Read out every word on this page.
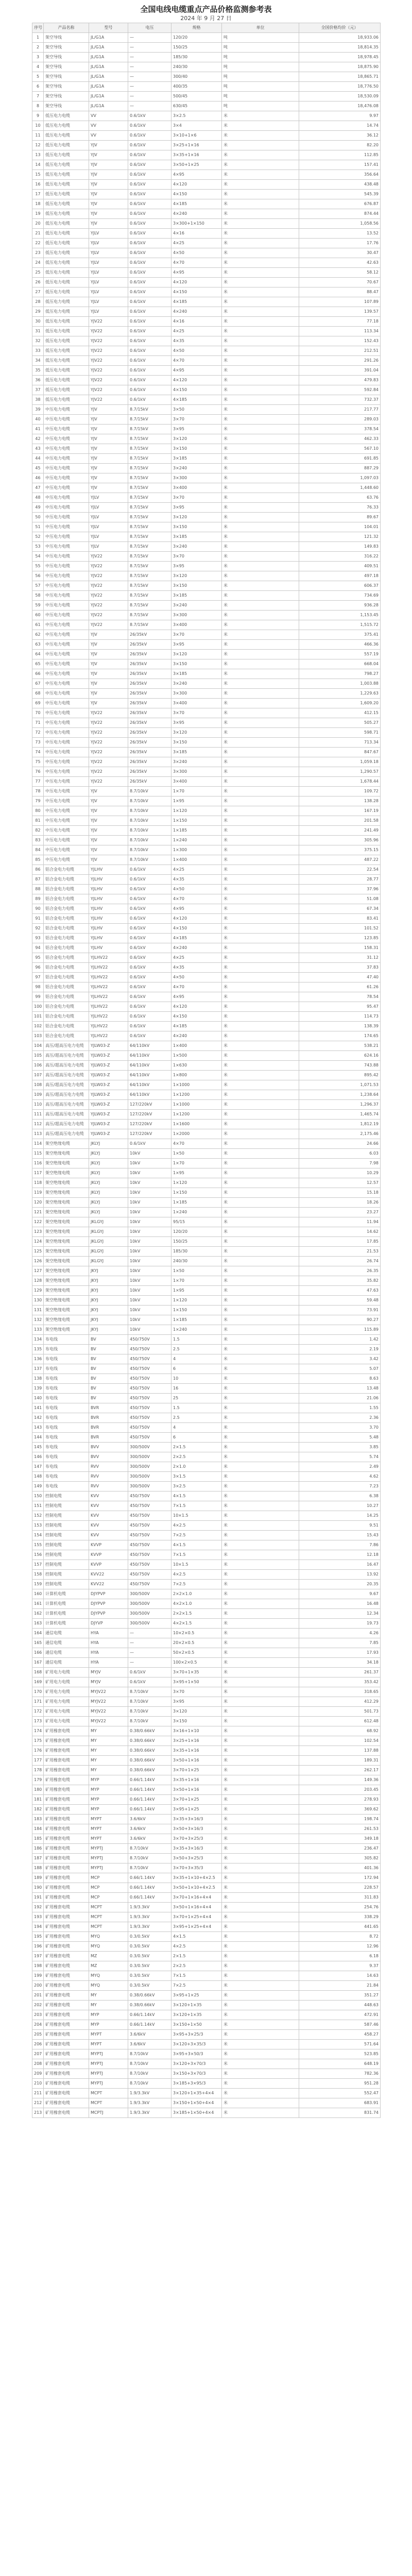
全国电线电缆重点产品价格监测参考表
2024 年 9 月 27 日
序号	产品名称	型号	电压	规格	单位	全国价格均价（元）
1	架空导线	JL/G1A	—	120/20	吨	18,933.06
2	架空导线	JL/G1A	—	150/25	吨	18,814.35
3	架空导线	JL/G1A	—	185/30	吨	18,978.45
4	架空导线	JL/G1A	—	240/30	吨	18,875.90
5	架空导线	JL/G1A	—	300/40	吨	18,865.71
6	架空导线	JL/G1A	—	400/35	吨	18,776.50
7	架空导线	JL/G1A	—	500/45	吨	18,530.09
8	架空导线	JL/G1A	—	630/45	吨	18,476.08
9	低压电力电缆	VV	0.6/1kV	3×2.5	米	9.97
10	低压电力电缆	VV	0.6/1kV	3×4	米	14.74
11	低压电力电缆	VV	0.6/1kV	3×10+1×6	米	36.12
12	低压电力电缆	YJV	0.6/1kV	3×25+1×16	米	82.20
13	低压电力电缆	YJV	0.6/1kV	3×35+1×16	米	112.85
14	低压电力电缆	YJV	0.6/1kV	3×50+1×25	米	157.41
15	低压电力电缆	YJV	0.6/1kV	4×95	米	356.64
16	低压电力电缆	YJV	0.6/1kV	4×120	米	438.48
17	低压电力电缆	YJV	0.6/1kV	4×150	米	545.39
18	低压电力电缆	YJV	0.6/1kV	4×185	米	676.87
19	低压电力电缆	YJV	0.6/1kV	4×240	米	874.44
20	低压电力电缆	YJV	0.6/1kV	3×300+1×150	米	1,058.56
21	低压电力电缆	YJLV	0.6/1kV	4×16	米	13.52
22	低压电力电缆	YJLV	0.6/1kV	4×25	米	17.76
23	低压电力电缆	YJLV	0.6/1kV	4×50	米	30.47
24	低压电力电缆	YJLV	0.6/1kV	4×70	米	42.63
25	低压电力电缆	YJLV	0.6/1kV	4×95	米	58.12
26	低压电力电缆	YJLV	0.6/1kV	4×120	米	70.67
27	低压电力电缆	YJLV	0.6/1kV	4×150	米	88.47
28	低压电力电缆	YJLV	0.6/1kV	4×185	米	107.89
29	低压电力电缆	YJLV	0.6/1kV	4×240	米	139.57
30	低压电力电缆	YJV22	0.6/1kV	4×16	米	77.18
31	低压电力电缆	YJV22	0.6/1kV	4×25	米	113.34
32	低压电力电缆	YJV22	0.6/1kV	4×35	米	152.43
33	低压电力电缆	YJV22	0.6/1kV	4×50	米	212.51
34	低压电力电缆	YJV22	0.6/1kV	4×70	米	291.26
35	低压电力电缆	YJV22	0.6/1kV	4×95	米	391.04
36	低压电力电缆	YJV22	0.6/1kV	4×120	米	479.83
37	低压电力电缆	YJV22	0.6/1kV	4×150	米	592.84
38	低压电力电缆	YJV22	0.6/1kV	4×185	米	732.37
39	中压电力电缆	YJV	8.7/15kV	3×50	米	217.77
40	中压电力电缆	YJV	8.7/15kV	3×70	米	289.03
41	中压电力电缆	YJV	8.7/15kV	3×95	米	378.54
42	中压电力电缆	YJV	8.7/15kV	3×120	米	462.33
43	中压电力电缆	YJV	8.7/15kV	3×150	米	567.10
44	中压电力电缆	YJV	8.7/15kV	3×185	米	691.85
45	中压电力电缆	YJV	8.7/15kV	3×240	米	887.29
46	中压电力电缆	YJV	8.7/15kV	3×300	米	1,097.03
47	中压电力电缆	YJV	8.7/15kV	3×400	米	1,448.60
48	中压电力电缆	YJLV	8.7/15kV	3×70	米	63.76
49	中压电力电缆	YJLV	8.7/15kV	3×95	米	76.33
50	中压电力电缆	YJLV	8.7/15kV	3×120	米	89.67
51	中压电力电缆	YJLV	8.7/15kV	3×150	米	104.01
52	中压电力电缆	YJLV	8.7/15kV	3×185	米	121.32
53	中压电力电缆	YJLV	8.7/15kV	3×240	米	149.83
54	中压电力电缆	YJV22	8.7/15kV	3×70	米	316.22
55	中压电力电缆	YJV22	8.7/15kV	3×95	米	409.51
56	中压电力电缆	YJV22	8.7/15kV	3×120	米	497.18
57	中压电力电缆	YJV22	8.7/15kV	3×150	米	606.37
58	中压电力电缆	YJV22	8.7/15kV	3×185	米	734.69
59	中压电力电缆	YJV22	8.7/15kV	3×240	米	936.28
60	中压电力电缆	YJV22	8.7/15kV	3×300	米	1,153.45
61	中压电力电缆	YJV22	8.7/15kV	3×400	米	1,515.72
62	中压电力电缆	YJV	26/35kV	3×70	米	375.41
63	中压电力电缆	YJV	26/35kV	3×95	米	466.36
64	中压电力电缆	YJV	26/35kV	3×120	米	557.19
65	中压电力电缆	YJV	26/35kV	3×150	米	668.04
66	中压电力电缆	YJV	26/35kV	3×185	米	798.27
67	中压电力电缆	YJV	26/35kV	3×240	米	1,003.88
68	中压电力电缆	YJV	26/35kV	3×300	米	1,229.63
69	中压电力电缆	YJV	26/35kV	3×400	米	1,609.20
70	中压电力电缆	YJV22	26/35kV	3×70	米	412.15
71	中压电力电缆	YJV22	26/35kV	3×95	米	505.27
72	中压电力电缆	YJV22	26/35kV	3×120	米	598.71
73	中压电力电缆	YJV22	26/35kV	3×150	米	713.34
74	中压电力电缆	YJV22	26/35kV	3×185	米	847.67
75	中压电力电缆	YJV22	26/35kV	3×240	米	1,059.18
76	中压电力电缆	YJV22	26/35kV	3×300	米	1,290.57
77	中压电力电缆	YJV22	26/35kV	3×400	米	1,678.44
78	中压电力电缆	YJV	8.7/10kV	1×70	米	109.72
79	中压电力电缆	YJV	8.7/10kV	1×95	米	138.28
80	中压电力电缆	YJV	8.7/10kV	1×120	米	167.19
81	中压电力电缆	YJV	8.7/10kV	1×150	米	201.58
82	中压电力电缆	YJV	8.7/10kV	1×185	米	241.49
83	中压电力电缆	YJV	8.7/10kV	1×240	米	305.96
84	中压电力电缆	YJV	8.7/10kV	1×300	米	375.15
85	中压电力电缆	YJV	8.7/10kV	1×400	米	487.22
86	铝合金电力电缆	YJLHV	0.6/1kV	4×25	米	22.54
87	铝合金电力电缆	YJLHV	0.6/1kV	4×35	米	28.77
88	铝合金电力电缆	YJLHV	0.6/1kV	4×50	米	37.96
89	铝合金电力电缆	YJLHV	0.6/1kV	4×70	米	51.08
90	铝合金电力电缆	YJLHV	0.6/1kV	4×95	米	67.34
91	铝合金电力电缆	YJLHV	0.6/1kV	4×120	米	83.41
92	铝合金电力电缆	YJLHV	0.6/1kV	4×150	米	101.52
93	铝合金电力电缆	YJLHV	0.6/1kV	4×185	米	123.85
94	铝合金电力电缆	YJLHV	0.6/1kV	4×240	米	158.31
95	铝合金电力电缆	YJLHV22	0.6/1kV	4×25	米	31.12
96	铝合金电力电缆	YJLHV22	0.6/1kV	4×35	米	37.83
97	铝合金电力电缆	YJLHV22	0.6/1kV	4×50	米	47.40
98	铝合金电力电缆	YJLHV22	0.6/1kV	4×70	米	61.26
99	铝合金电力电缆	YJLHV22	0.6/1kV	4×95	米	78.54
100	铝合金电力电缆	YJLHV22	0.6/1kV	4×120	米	95.47
101	铝合金电力电缆	YJLHV22	0.6/1kV	4×150	米	114.73
102	铝合金电力电缆	YJLHV22	0.6/1kV	4×185	米	138.39
103	铝合金电力电缆	YJLHV22	0.6/1kV	4×240	米	174.65
104	高压/超高压电力电缆	YJLW03-Z	64/110kV	1×400	米	538.21
105	高压/超高压电力电缆	YJLW03-Z	64/110kV	1×500	米	624.16
106	高压/超高压电力电缆	YJLW03-Z	64/110kV	1×630	米	743.88
107	高压/超高压电力电缆	YJLW03-Z	64/110kV	1×800	米	895.42
108	高压/超高压电力电缆	YJLW03-Z	64/110kV	1×1000	米	1,071.53
109	高压/超高压电力电缆	YJLW03-Z	64/110kV	1×1200	米	1,238.64
110	高压/超高压电力电缆	YJLW03-Z	127/220kV	1×1000	米	1,296.37
111	高压/超高压电力电缆	YJLW03-Z	127/220kV	1×1200	米	1,465.74
112	高压/超高压电力电缆	YJLW03-Z	127/220kV	1×1600	米	1,812.19
113	高压/超高压电力电缆	YJLW03-Z	127/220kV	1×2000	米	2,175.46
114	架空绝缘电缆	JKLYJ	0.6/1kV	4×70	米	24.66
115	架空绝缘电缆	JKLYJ	10kV	1×50	米	6.03
116	架空绝缘电缆	JKLYJ	10kV	1×70	米	7.98
117	架空绝缘电缆	JKLYJ	10kV	1×95	米	10.29
118	架空绝缘电缆	JKLYJ	10kV	1×120	米	12.57
119	架空绝缘电缆	JKLYJ	10kV	1×150	米	15.18
120	架空绝缘电缆	JKLYJ	10kV	1×185	米	18.26
121	架空绝缘电缆	JKLYJ	10kV	1×240	米	23.27
122	架空绝缘电缆	JKLGYJ	10kV	95/15	米	11.94
123	架空绝缘电缆	JKLGYJ	10kV	120/20	米	14.62
124	架空绝缘电缆	JKLGYJ	10kV	150/25	米	17.85
125	架空绝缘电缆	JKLGYJ	10kV	185/30	米	21.53
126	架空绝缘电缆	JKLGYJ	10kV	240/30	米	26.74
127	架空绝缘电缆	JKYJ	10kV	1×50	米	26.35
128	架空绝缘电缆	JKYJ	10kV	1×70	米	35.82
129	架空绝缘电缆	JKYJ	10kV	1×95	米	47.63
130	架空绝缘电缆	JKYJ	10kV	1×120	米	59.48
131	架空绝缘电缆	JKYJ	10kV	1×150	米	73.91
132	架空绝缘电缆	JKYJ	10kV	1×185	米	90.27
133	架空绝缘电缆	JKYJ	10kV	1×240	米	115.89
134	布电线	BV	450/750V	1.5	米	1.42
135	布电线	BV	450/750V	2.5	米	2.19
136	布电线	BV	450/750V	4	米	3.42
137	布电线	BV	450/750V	6	米	5.07
138	布电线	BV	450/750V	10	米	8.63
139	布电线	BV	450/750V	16	米	13.48
140	布电线	BV	450/750V	25	米	21.06
141	布电线	BVR	450/750V	1.5	米	1.55
142	布电线	BVR	450/750V	2.5	米	2.36
143	布电线	BVR	450/750V	4	米	3.70
144	布电线	BVR	450/750V	6	米	5.48
145	布电线	BVV	300/500V	2×1.5	米	3.85
146	布电线	BVV	300/500V	2×2.5	米	5.74
147	布电线	RVV	300/500V	2×1.0	米	2.49
148	布电线	RVV	300/500V	3×1.5	米	4.62
149	布电线	RVV	300/500V	3×2.5	米	7.23
150	控制电缆	KVV	450/750V	4×1.5	米	6.38
151	控制电缆	KVV	450/750V	7×1.5	米	10.27
152	控制电缆	KVV	450/750V	10×1.5	米	14.25
153	控制电缆	KVV	450/750V	4×2.5	米	9.51
154	控制电缆	KVV	450/750V	7×2.5	米	15.43
155	控制电缆	KVVP	450/750V	4×1.5	米	7.86
156	控制电缆	KVVP	450/750V	7×1.5	米	12.18
157	控制电缆	KVVP	450/750V	10×1.5	米	16.47
158	控制电缆	KVV22	450/750V	4×2.5	米	13.92
159	控制电缆	KVV22	450/750V	7×2.5	米	20.35
160	计算机电缆	DJYPVP	300/500V	2×2×1.0	米	9.67
161	计算机电缆	DJYPVP	300/500V	4×2×1.0	米	16.48
162	计算机电缆	DJYPVP	300/500V	2×2×1.5	米	12.34
163	计算机电缆	DJYVP	300/500V	4×2×1.5	米	19.73
164	通信电缆	HYA	—	10×2×0.5	米	4.26
165	通信电缆	HYA	—	20×2×0.5	米	7.85
166	通信电缆	HYA	—	50×2×0.5	米	17.93
167	通信电缆	HYA	—	100×2×0.5	米	34.18
168	矿用电力电缆	MYJV	0.6/1kV	3×70+1×35	米	261.37
169	矿用电力电缆	MYJV	0.6/1kV	3×95+1×50	米	353.42
170	矿用电力电缆	MYJV22	8.7/10kV	3×70	米	318.65
171	矿用电力电缆	MYJV22	8.7/10kV	3×95	米	412.29
172	矿用电力电缆	MYJV22	8.7/10kV	3×120	米	501.73
173	矿用电力电缆	MYJV22	8.7/10kV	3×150	米	612.48
174	矿用橡套电缆	MY	0.38/0.66kV	3×16+1×10	米	68.92
175	矿用橡套电缆	MY	0.38/0.66kV	3×25+1×16	米	102.54
176	矿用橡套电缆	MY	0.38/0.66kV	3×35+1×16	米	137.88
177	矿用橡套电缆	MY	0.38/0.66kV	3×50+1×16	米	189.31
178	矿用橡套电缆	MY	0.38/0.66kV	3×70+1×25	米	262.17
179	矿用橡套电缆	MYP	0.66/1.14kV	3×35+1×16	米	149.36
180	矿用橡套电缆	MYP	0.66/1.14kV	3×50+1×16	米	203.45
181	矿用橡套电缆	MYP	0.66/1.14kV	3×70+1×25	米	278.93
182	矿用橡套电缆	MYP	0.66/1.14kV	3×95+1×25	米	369.62
183	矿用橡套电缆	MYPT	3.6/6kV	3×35+3×16/3	米	198.74
184	矿用橡套电缆	MYPT	3.6/6kV	3×50+3×16/3	米	261.53
185	矿用橡套电缆	MYPT	3.6/6kV	3×70+3×25/3	米	349.18
186	矿用橡套电缆	MYPTJ	8.7/10kV	3×35+3×16/3	米	236.47
187	矿用橡套电缆	MYPTJ	8.7/10kV	3×50+3×25/3	米	305.82
188	矿用橡套电缆	MYPTJ	8.7/10kV	3×70+3×35/3	米	401.36
189	矿用橡套电缆	MCP	0.66/1.14kV	3×35+1×10+4×2.5	米	172.94
190	矿用橡套电缆	MCP	0.66/1.14kV	3×50+1×10+4×2.5	米	228.57
191	矿用橡套电缆	MCP	0.66/1.14kV	3×70+1×16+4×4	米	311.83
192	矿用橡套电缆	MCPT	1.9/3.3kV	3×50+1×16+4×4	米	254.76
193	矿用橡套电缆	MCPT	1.9/3.3kV	3×70+1×25+4×4	米	338.29
194	矿用橡套电缆	MCPT	1.9/3.3kV	3×95+1×25+4×4	米	441.65
195	矿用橡套电缆	MYQ	0.3/0.5kV	4×1.5	米	8.72
196	矿用橡套电缆	MYQ	0.3/0.5kV	4×2.5	米	12.96
197	矿用橡套电缆	MZ	0.3/0.5kV	2×1.5	米	6.18
198	矿用橡套电缆	MZ	0.3/0.5kV	2×2.5	米	9.37
199	矿用橡套电缆	MYQ	0.3/0.5kV	7×1.5	米	14.63
200	矿用橡套电缆	MYQ	0.3/0.5kV	7×2.5	米	21.84
201	矿用橡套电缆	MY	0.38/0.66kV	3×95+1×25	米	351.27
202	矿用橡套电缆	MY	0.38/0.66kV	3×120+1×35	米	448.63
203	矿用橡套电缆	MYP	0.66/1.14kV	3×120+1×35	米	472.91
204	矿用橡套电缆	MYP	0.66/1.14kV	3×150+1×50	米	587.46
205	矿用橡套电缆	MYPT	3.6/6kV	3×95+3×25/3	米	458.27
206	矿用橡套电缆	MYPT	3.6/6kV	3×120+3×35/3	米	571.64
207	矿用橡套电缆	MYPTJ	8.7/10kV	3×95+3×50/3	米	523.85
208	矿用橡套电缆	MYPTJ	8.7/10kV	3×120+3×70/3	米	648.19
209	矿用橡套电缆	MYPTJ	8.7/10kV	3×150+3×70/3	米	782.36
210	矿用橡套电缆	MYPTJ	8.7/10kV	3×185+3×95/3	米	951.28
211	矿用橡套电缆	MCPT	1.9/3.3kV	3×120+1×35+4×4	米	552.47
212	矿用橡套电缆	MCPT	1.9/3.3kV	3×150+1×50+4×4	米	683.91
213	矿用橡套电缆	MCPTJ	1.9/3.3kV	3×185+1×50+4×4	米	831.74
